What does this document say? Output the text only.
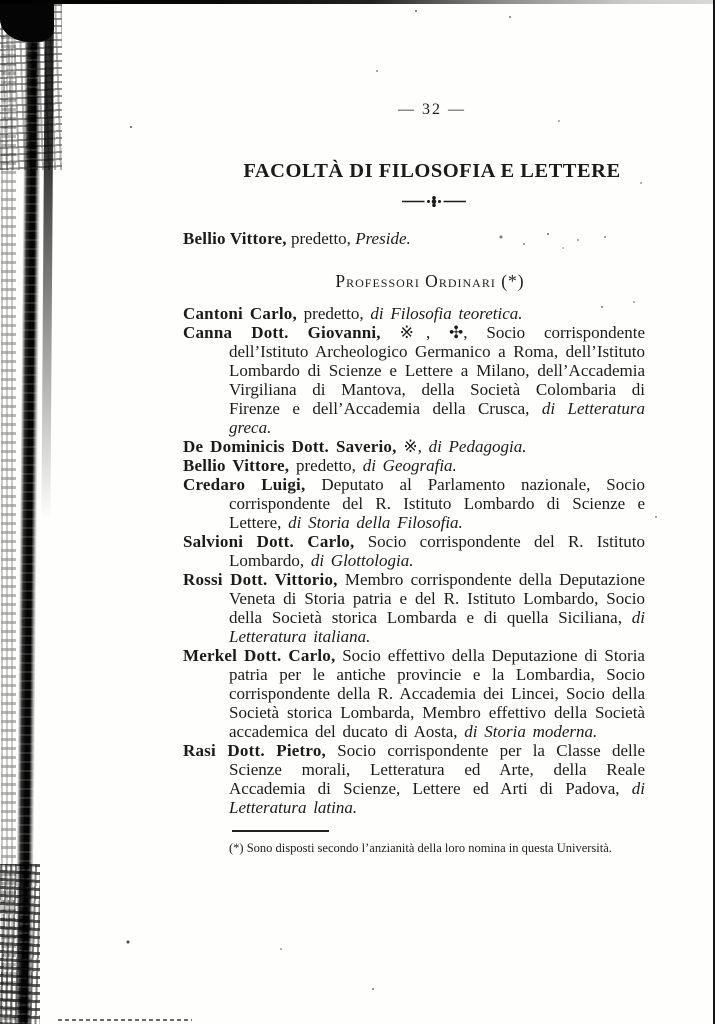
— 32 —
FACOLTÀ DI FILOSOFIA E LETTERE

Bellio Vittore, predetto, Preside.

Professori Ordinari (*)

Cantoni Carlo, predetto, di Filosofia teoretica.

Canna Dott. Giovanni, ※, ✣, Socio corrispondente dell’Istituto Archeologico Germanico a Roma, dell’Istituto Lombardo di Scienze e Lettere a Milano, dell’Accademia Virgiliana di Mantova, della Società Colombaria di Firenze e dell’Accademia della Crusca, di Letteratura greca.

De Dominicis Dott. Saverio, ※, di Pedagogia.

Bellio Vittore, predetto, di Geografia.

Credaro Luigi, Deputato al Parlamento nazionale, Socio corrispondente del R. Istituto Lombardo di Scienze e Lettere, di Storia della Filosofia.

Salvioni Dott. Carlo, Socio corrispondente del R. Istituto Lombardo, di Glottologia.

Rossi Dott. Vittorio, Membro corrispondente della Deputazione Veneta di Storia patria e del R. Istituto Lombardo, Socio della Società storica Lombarda e di quella Siciliana, di Letteratura italiana.

Merkel Dott. Carlo, Socio effettivo della Deputazione di Storia patria per le antiche provincie e la Lombardia, Socio corrispondente della R. Accademia dei Lincei, Socio della Società storica Lombarda, Membro effettivo della Società accademica del ducato di Aosta, di Storia moderna.

Rasi Dott. Pietro, Socio corrispondente per la Classe delle Scienze morali, Letteratura ed Arte, della Reale Accademia di Scienze, Lettere ed Arti di Padova, di Letteratura latina.

(*) Sono disposti secondo l’anzianità della loro nomina in questa Università.
